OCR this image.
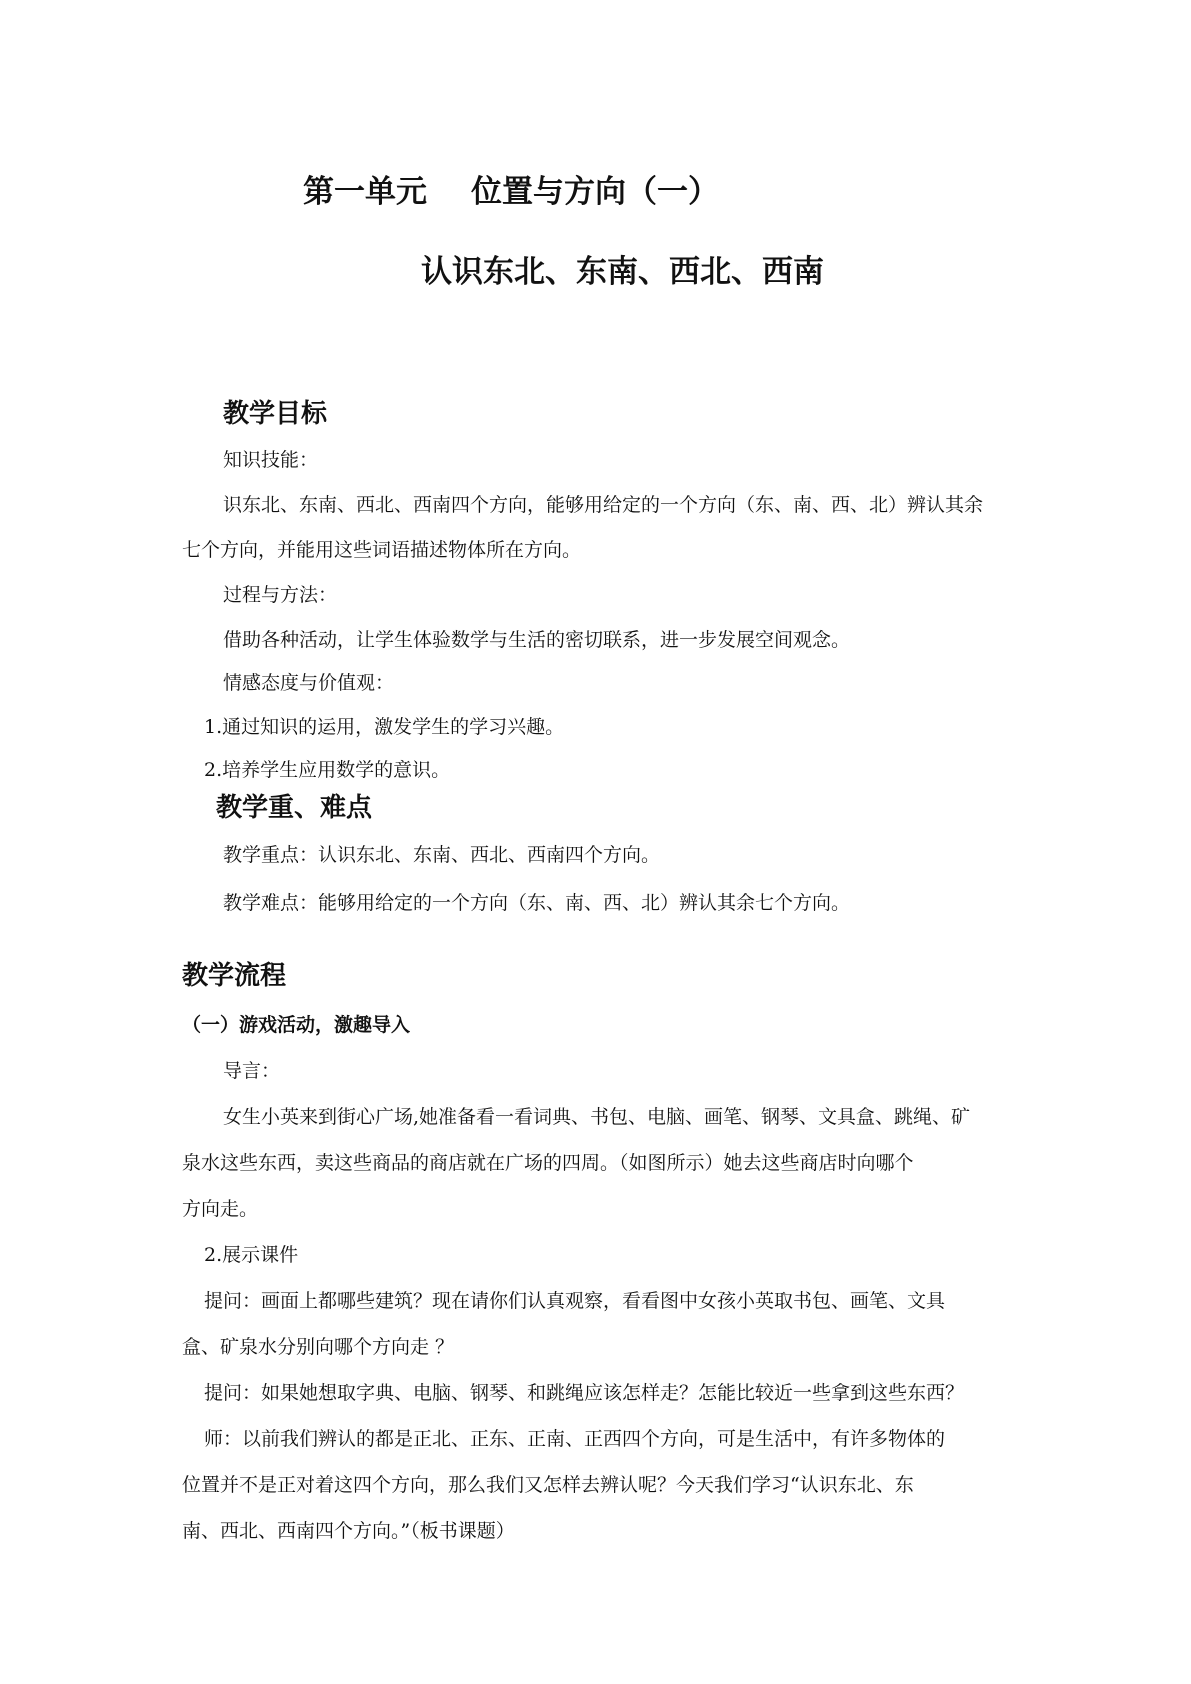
第一单元 位置与方向（一）
认识东北、东南、西北、西南
教学目标
知识技能：
识东北、东南、西北、西南四个方向，能够用给定的一个方向（东、南、西、北）辨认其余
七个方向，并能用这些词语描述物体所在方向。
过程与方法：
借助各种活动，让学生体验数学与生活的密切联系，进一步发展空间观念。
情感态度与价值观：
1.通过知识的运用，激发学生的学习兴趣。
2.培养学生应用数学的意识。
教学重、难点
教学重点：认识东北、东南、西北、西南四个方向。
教学难点：能够用给定的一个方向（东、南、西、北）辨认其余七个方向。
教学流程
（一）游戏活动，激趣导入
导言：
女生小英来到街心广场,她准备看一看词典、书包、电脑、画笔、钢琴、文具盒、跳绳、矿
泉水这些东西，卖这些商品的商店就在广场的四周。（如图所示）她去这些商店时向哪个
方向走。
2.展示课件
提问：画面上都哪些建筑？现在请你们认真观察，看看图中女孩小英取书包、画笔、文具
盒、矿泉水分别向哪个方向走 ？
提问：如果她想取字典、电脑、钢琴、和跳绳应该怎样走？怎能比较近一些拿到这些东西？
师：以前我们辨认的都是正北、正东、正南、正西四个方向，可是生活中，有许多物体的
位置并不是正对着这四个方向，那么我们又怎样去辨认呢？今天我们学习“认识东北、东
南、西北、西南四个方向。”（板书课题）
